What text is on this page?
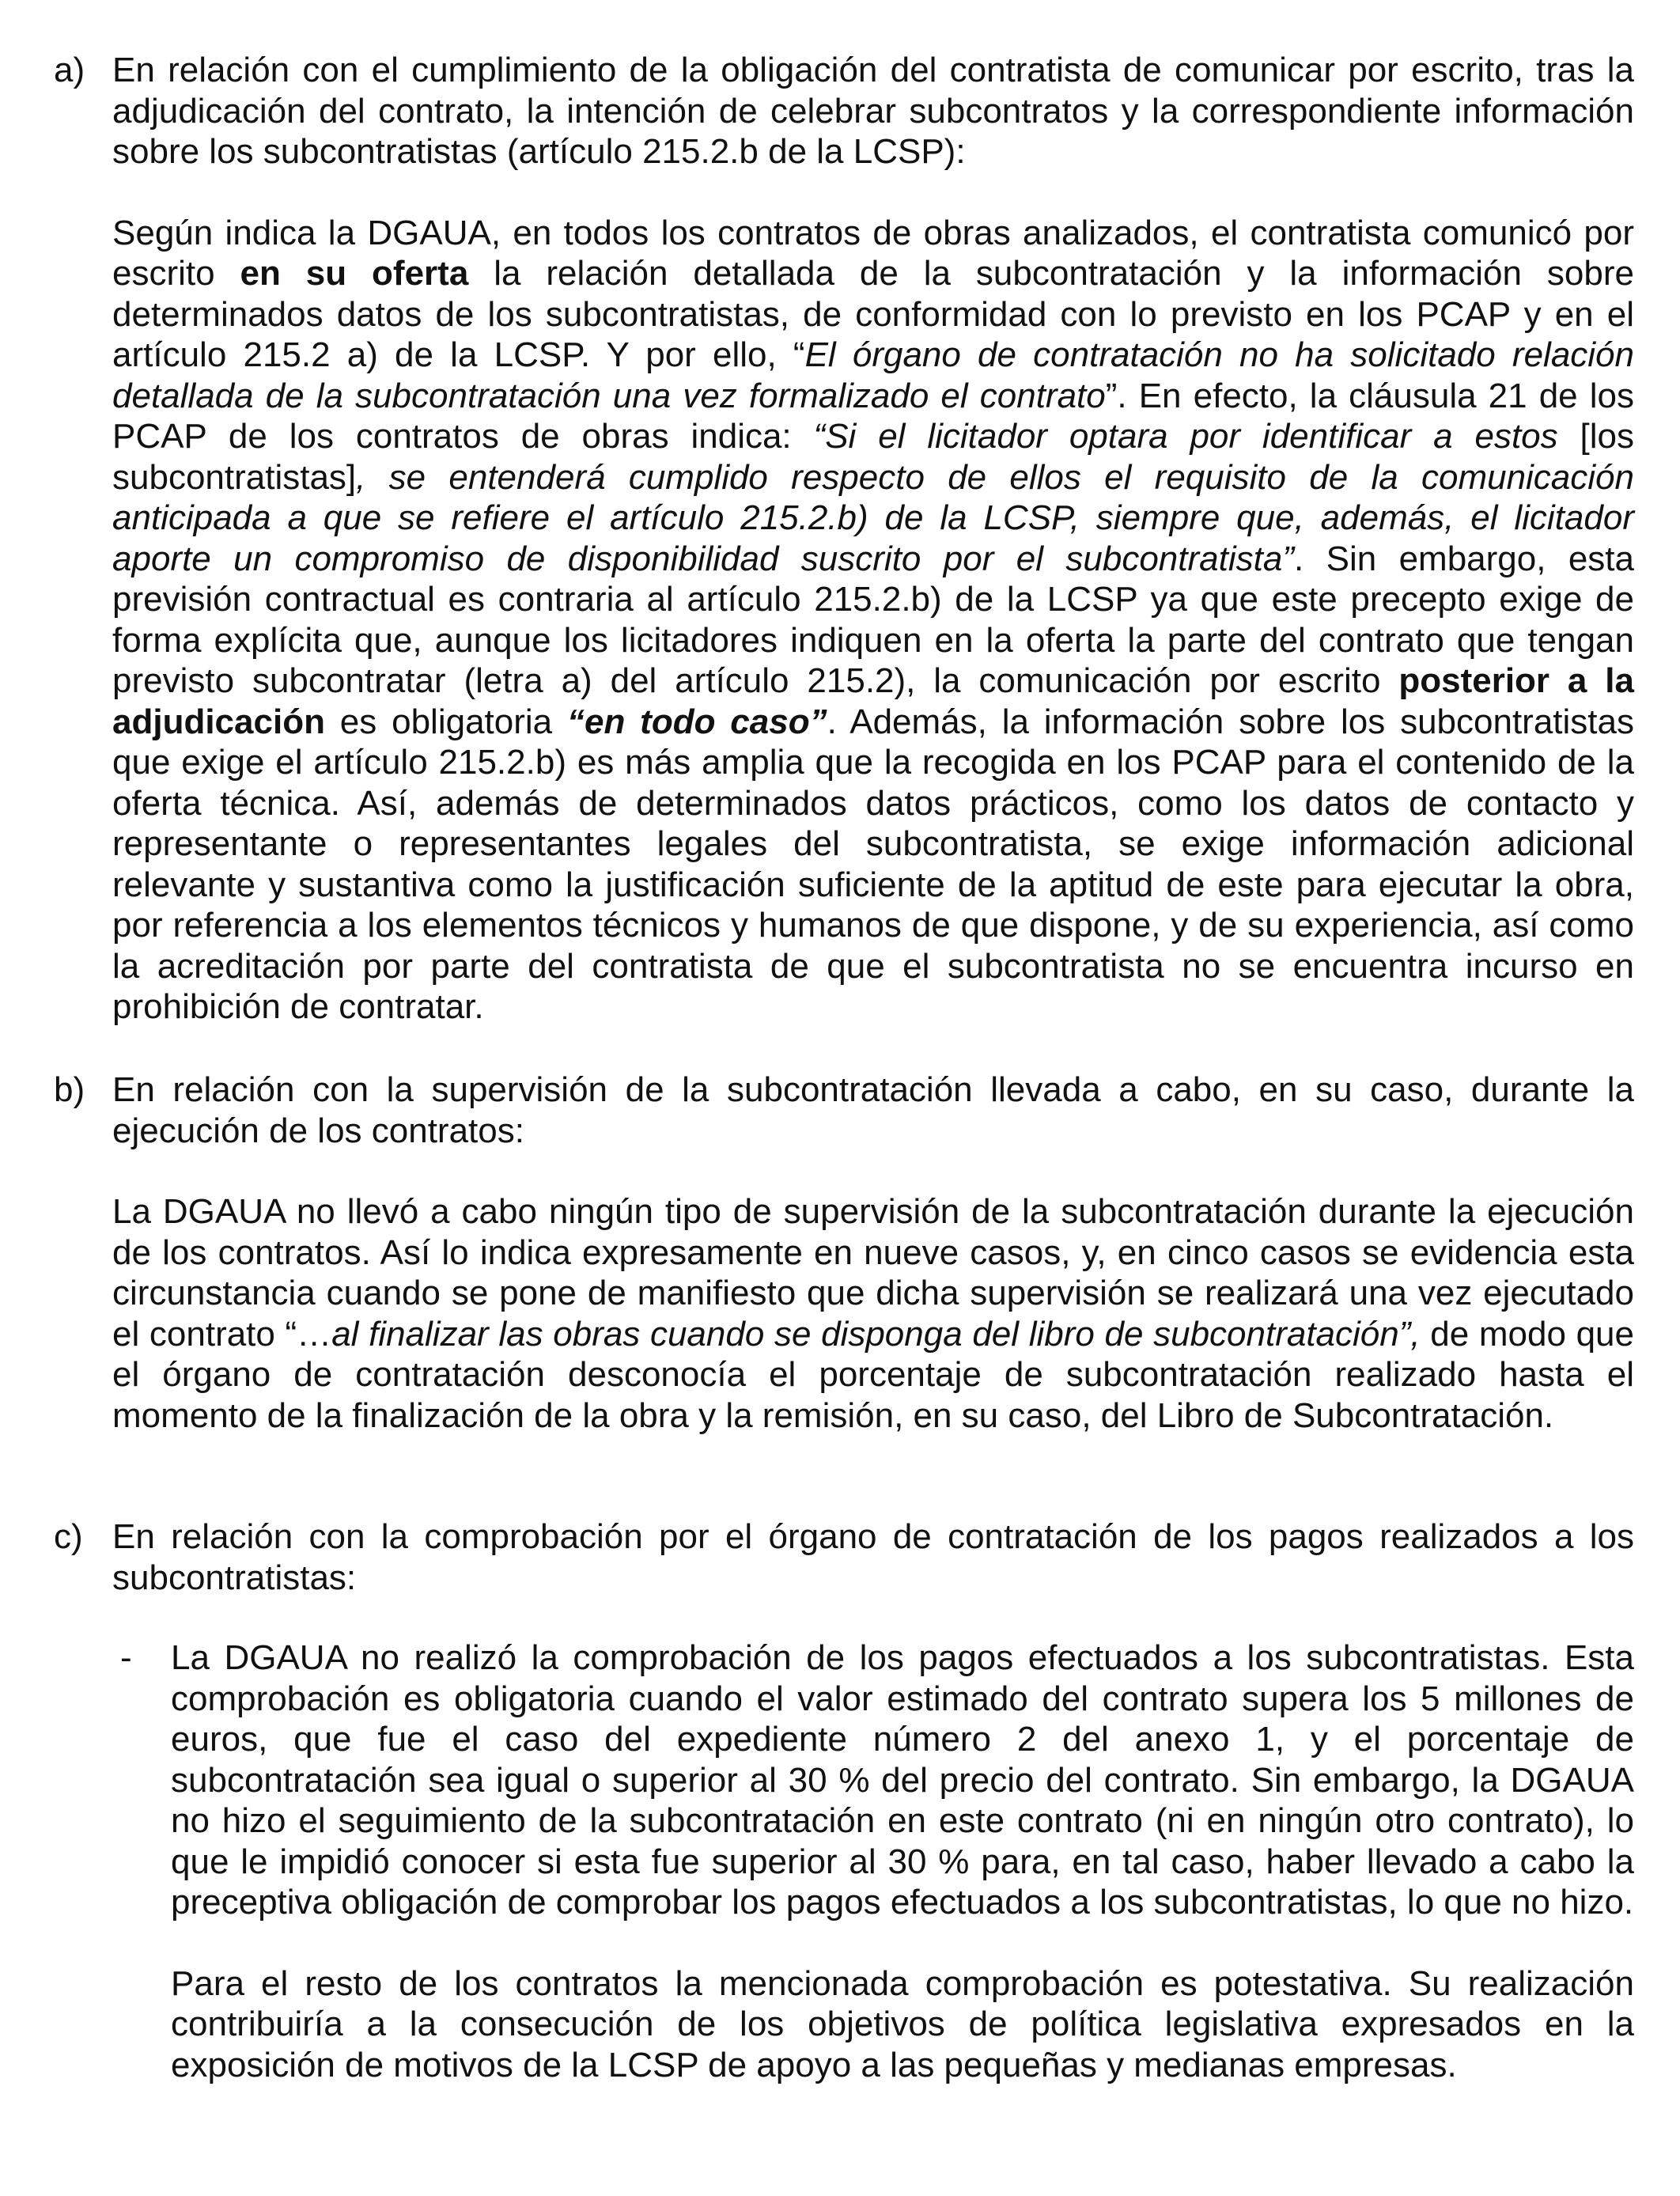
a) En relación con el cumplimiento de la obligación del contratista de comunicar por escrito, tras la adjudicación del contrato, la intención de celebrar subcontratos y la correspondiente información sobre los subcontratistas (artículo 215.2.b de la LCSP):

Según indica la DGAUA, en todos los contratos de obras analizados, el contratista comunicó por escrito en su oferta la relación detallada de la subcontratación y la información sobre determinados datos de los subcontratistas, de conformidad con lo previsto en los PCAP y en el artículo 215.2 a) de la LCSP. Y por ello, “El órgano de contratación no ha solicitado relación detallada de la subcontratación una vez formalizado el contrato”. En efecto, la cláusula 21 de los PCAP de los contratos de obras indica: “Si el licitador optara por identificar a estos [los subcontratistas], se entenderá cumplido respecto de ellos el requisito de la comunicación anticipada a que se refiere el artículo 215.2.b) de la LCSP, siempre que, además, el licitador aporte un compromiso de disponibilidad suscrito por el subcontratista”. Sin embargo, esta previsión contractual es contraria al artículo 215.2.b) de la LCSP ya que este precepto exige de forma explícita que, aunque los licitadores indiquen en la oferta la parte del contrato que tengan previsto subcontratar (letra a) del artículo 215.2), la comunicación por escrito posterior a la adjudicación es obligatoria “en todo caso”. Además, la información sobre los subcontratistas que exige el artículo 215.2.b) es más amplia que la recogida en los PCAP para el contenido de la oferta técnica. Así, además de determinados datos prácticos, como los datos de contacto y representante o representantes legales del subcontratista, se exige información adicional relevante y sustantiva como la justificación suficiente de la aptitud de este para ejecutar la obra, por referencia a los elementos técnicos y humanos de que dispone, y de su experiencia, así como la acreditación por parte del contratista de que el subcontratista no se encuentra incurso en prohibición de contratar.

b) En relación con la supervisión de la subcontratación llevada a cabo, en su caso, durante la ejecución de los contratos:

La DGAUA no llevó a cabo ningún tipo de supervisión de la subcontratación durante la ejecución de los contratos. Así lo indica expresamente en nueve casos, y, en cinco casos se evidencia esta circunstancia cuando se pone de manifiesto que dicha supervisión se realizará una vez ejecutado el contrato “…al finalizar las obras cuando se disponga del libro de subcontratación”, de modo que el órgano de contratación desconocía el porcentaje de subcontratación realizado hasta el momento de la finalización de la obra y la remisión, en su caso, del Libro de Subcontratación.

c) En relación con la comprobación por el órgano de contratación de los pagos realizados a los subcontratistas:

- La DGAUA no realizó la comprobación de los pagos efectuados a los subcontratistas. Esta comprobación es obligatoria cuando el valor estimado del contrato supera los 5 millones de euros, que fue el caso del expediente número 2 del anexo 1, y el porcentaje de subcontratación sea igual o superior al 30 % del precio del contrato. Sin embargo, la DGAUA no hizo el seguimiento de la subcontratación en este contrato (ni en ningún otro contrato), lo que le impidió conocer si esta fue superior al 30 % para, en tal caso, haber llevado a cabo la preceptiva obligación de comprobar los pagos efectuados a los subcontratistas, lo que no hizo.

Para el resto de los contratos la mencionada comprobación es potestativa. Su realización contribuiría a la consecución de los objetivos de política legislativa expresados en la exposición de motivos de la LCSP de apoyo a las pequeñas y medianas empresas.
